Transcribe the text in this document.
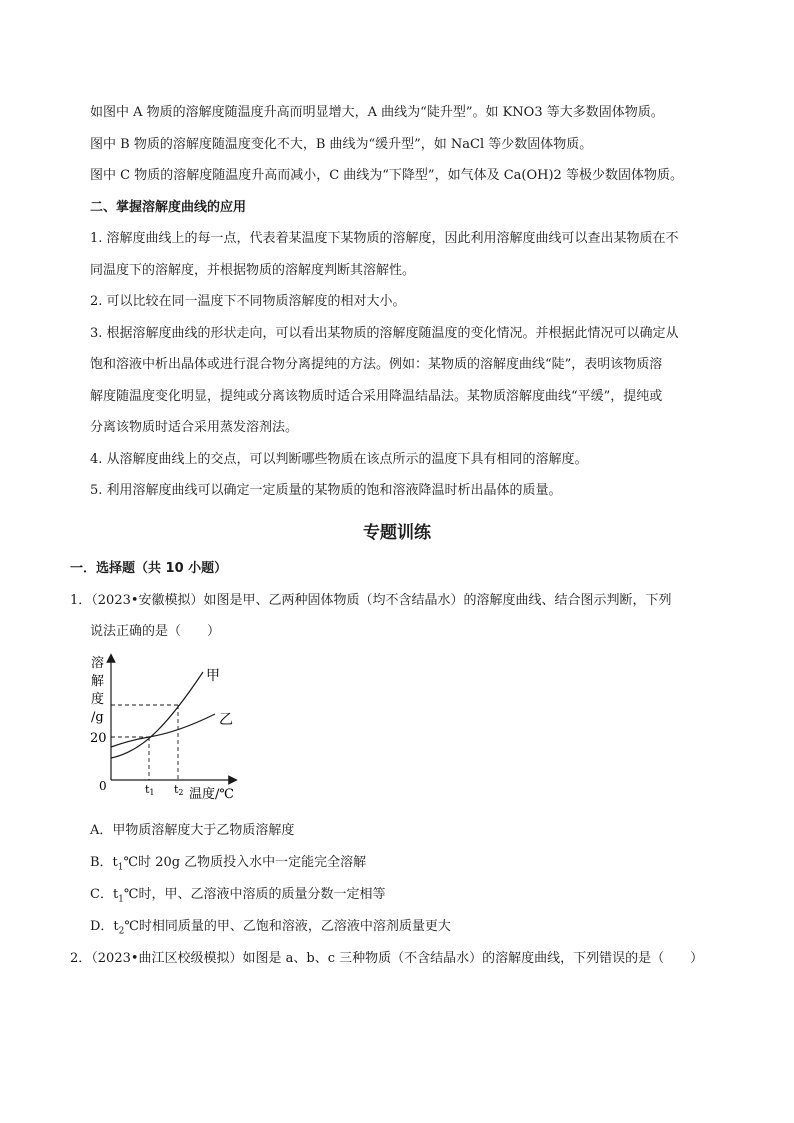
如图中 A 物质的溶解度随温度升高而明显增大，A 曲线为“陡升型”。如 KNO3 等大多数固体物质。
图中 B 物质的溶解度随温度变化不大，B 曲线为“缓升型”，如 NaCl 等少数固体物质。
图中 C 物质的溶解度随温度升高而减小，C 曲线为“下降型”，如气体及 Ca(OH)2 等极少数固体物质。
二、掌握溶解度曲线的应用
1. 溶解度曲线上的每一点，代表着某温度下某物质的溶解度，因此利用溶解度曲线可以查出某物质在不
同温度下的溶解度，并根据物质的溶解度判断其溶解性。
2. 可以比较在同一温度下不同物质溶解度的相对大小。
3. 根据溶解度曲线的形状走向，可以看出某物质的溶解度随温度的变化情况。并根据此情况可以确定从
饱和溶液中析出晶体或进行混合物分离提纯的方法。例如：某物质的溶解度曲线“陡”，表明该物质溶
解度随温度变化明显，提纯或分离该物质时适合采用降温结晶法。某物质溶解度曲线“平缓”，提纯或
分离该物质时适合采用蒸发溶剂法。
4. 从溶解度曲线上的交点，可以判断哪些物质在该点所示的温度下具有相同的溶解度。
5. 利用溶解度曲线可以确定一定质量的某物质的饱和溶液降温时析出晶体的质量。
专题训练
一．选择题（共 10 小题）
1．（2023•安徽模拟）如图是甲、乙两种固体物质（均不含结晶水）的溶解度曲线、结合图示判断，下列
说法正确的是（　　）
溶
解
度
/g
20
0	t1 t2 温度/℃
甲
乙
A．甲物质溶解度大于乙物质溶解度
B．$t_1℃$时 20g 乙物质投入水中一定能完全溶解
C．$t_1℃$时，甲、乙溶液中溶质的质量分数一定相等
D．$t_2℃$时相同质量的甲、乙饱和溶液，乙溶液中溶剂质量更大
2．（2023•曲江区校级模拟）如图是 a、b、c 三种物质（不含结晶水）的溶解度曲线，下列错误的是（　　）
